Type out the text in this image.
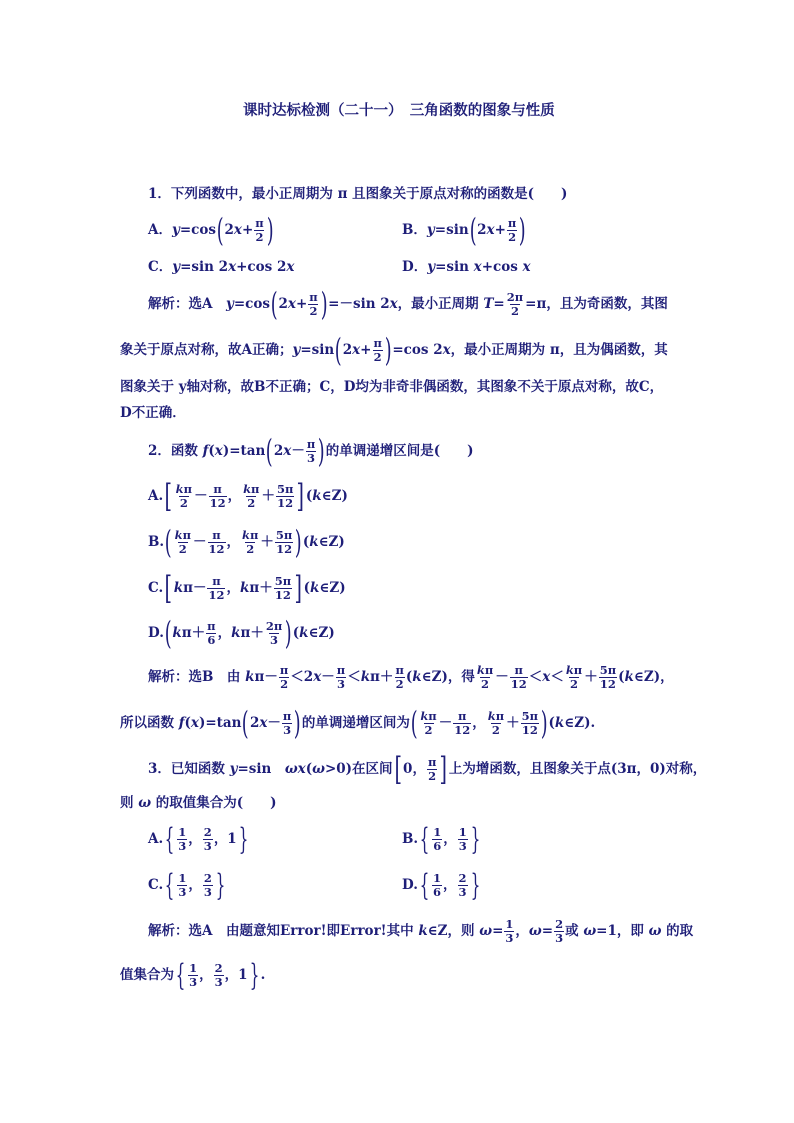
课时达标检测（二十一）　三角函数的图象与性质
1．下列函数中，最小正周期为 π 且图象关于原点对称的函数是(　　)
A．$y=\cos(2x+ \frac{\pi}{2}$ )	B．$y=\sin(2x+ \frac{\pi}{2}$ )
C．y=sin 2x+cos 2x	D．y=sin x+cos x
解析：选A　$y=\cos(2x+ \frac{\pi}{2} )=-\sin$ 2x，最小正周期 $T= \frac{2\pi}{2} =\pi$，且为奇函数，其图
象关于原点对称，故A正确；$y=\sin(2x+ \frac{\pi}{2} )=\cos$ 2x，最小正周期为 π，且为偶函数，其
图象关于 y轴对称，故B不正确；C，D均为非奇非偶函数，其图象不关于原点对称，故C，
D不正确．
2．函数 $f(x)=\tan(2x- \frac{\pi}{3}$ )的单调递增区间是(　　)
$A.[ \frac{k\pi}{2} - \frac{\pi}{12}$ ， $\frac{k\pi}{2} + \frac{5\pi}{12}$ ](k∈Z)
$B.( \frac{k\pi}{2} - \frac{\pi}{12}$ ， $\frac{k\pi}{2} + \frac{5\pi}{12}$ )(k∈Z)
$C.[k\pi- \frac{\pi}{12}$ ，$k\pi+ \frac{5\pi}{12}$ ](k∈Z)
$D.(k\pi+ \frac{\pi}{6}$ ，$k\pi+ \frac{2\pi}{3}$ )(k∈Z)
解析：选B　由 $k\pi- \frac{\pi}{2} <2x- \frac{\pi}{3} <k\pi+ \frac{\pi}{2}$ (k∈Z)，得 $\frac{k\pi}{2} - \frac{\pi}{12} <x< \frac{k\pi}{2} + \frac{5\pi}{12}$ (k∈Z)，
所以函数 $f(x)=\tan(2x- \frac{\pi}{3}$ )的单调递增区间为( $\frac{k\pi}{2} - \frac{\pi}{12}$ ， $\frac{k\pi}{2} + \frac{5\pi}{12}$ )(k∈Z).
3．已知函数 y=sin　ωx(ω>0)在区间[0， $\frac{\pi}{2}$ ]上为增函数，且图象关于点(3π，0)对称，
则 ω 的取值集合为(　　)
$A.\{ \frac{1}{3}$ ， $\frac{2}{3}$ ，1}	$B.\{ \frac{1}{6}$ ， $\frac{1}{3}$ }
$C.\{ \frac{1}{3}$ ， $\frac{2}{3}$ }	$D.\{ \frac{1}{6}$ ， $\frac{2}{3}$ }
解析：选A　由题意知Error!即Error!其中 k∈Z，则 $\omega= \frac{1}{3}$ ，$\omega= \frac{2}{3}$ 或 ω=1，即 ω 的取
值集合为{ $\frac{1}{3}$ ， $\frac{2}{3}$ ，1} .
